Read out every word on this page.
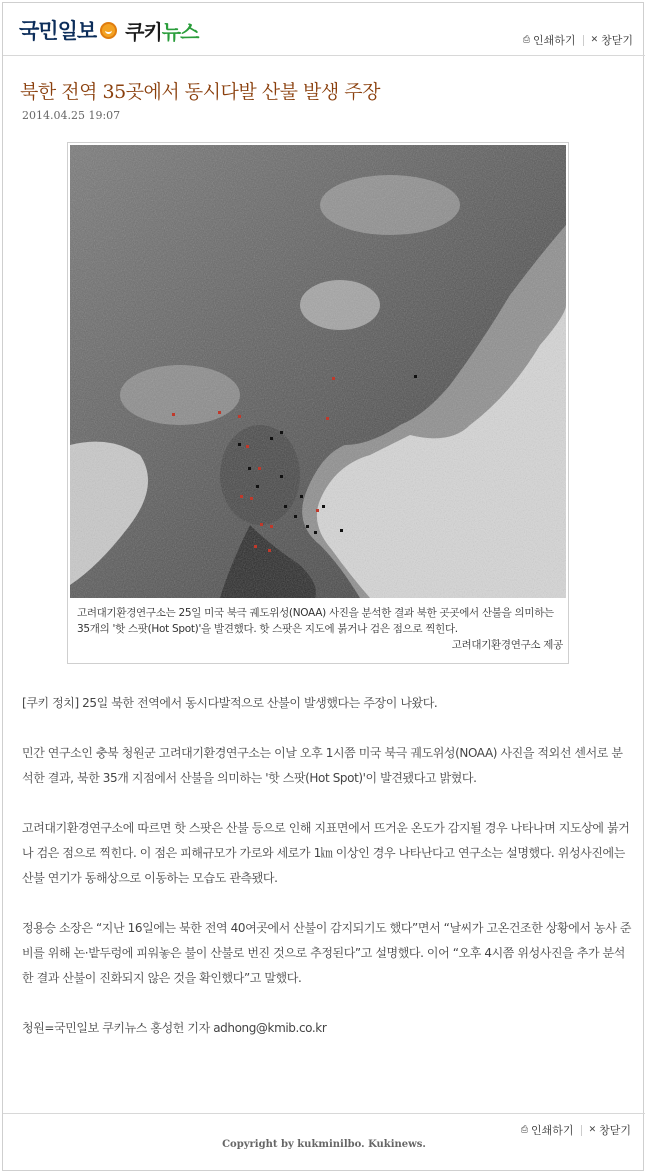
국민일보 쿠키뉴스	⎙ 인쇄하기 ✕ 창닫기
북한 전역 35곳에서 동시다발 산불 발생 주장
2014.04.25 19:07
고려대기환경연구소는 25일 미국 북극 궤도위성(NOAA) 사진을 분석한 결과 북한 곳곳에서 산불을 의미하는 35개의 '핫 스팟(Hot Spot)'을 발견했다. 핫 스팟은 지도에 붉거나 검은 점으로 찍힌다.
고려대기환경연구소 제공

[쿠키 정치] 25일 북한 전역에서 동시다발적으로 산불이 발생했다는 주장이 나왔다.

민간 연구소인 충북 청원군 고려대기환경연구소는 이날 오후 1시쯤 미국 북극 궤도위성(NOAA) 사진을 적외선 센서로 분석한 결과, 북한 35개 지점에서 산불을 의미하는 '핫 스팟(Hot Spot)'이 발견됐다고 밝혔다.

고려대기환경연구소에 따르면 핫 스팟은 산불 등으로 인해 지표면에서 뜨거운 온도가 감지될 경우 나타나며 지도상에 붉거나 검은 점으로 찍힌다. 이 점은 피해규모가 가로와 세로가 1㎞ 이상인 경우 나타난다고 연구소는 설명했다. 위성사진에는 산불 연기가 동해상으로 이동하는 모습도 관측됐다.

정용승 소장은 “지난 16일에는 북한 전역 40여곳에서 산불이 감지되기도 했다”면서 “날씨가 고온건조한 상황에서 농사 준비를 위해 논·밭두렁에 피워놓은 불이 산불로 번진 것으로 추정된다”고 설명했다. 이어 “오후 4시쯤 위성사진을 추가 분석한 결과 산불이 진화되지 않은 것을 확인했다”고 말했다.

청원=국민일보 쿠키뉴스 홍성헌 기자 adhong@kmib.co.kr

⎙ 인쇄하기 ✕ 창닫기
Copyright by kukminilbo. Kukinews.
